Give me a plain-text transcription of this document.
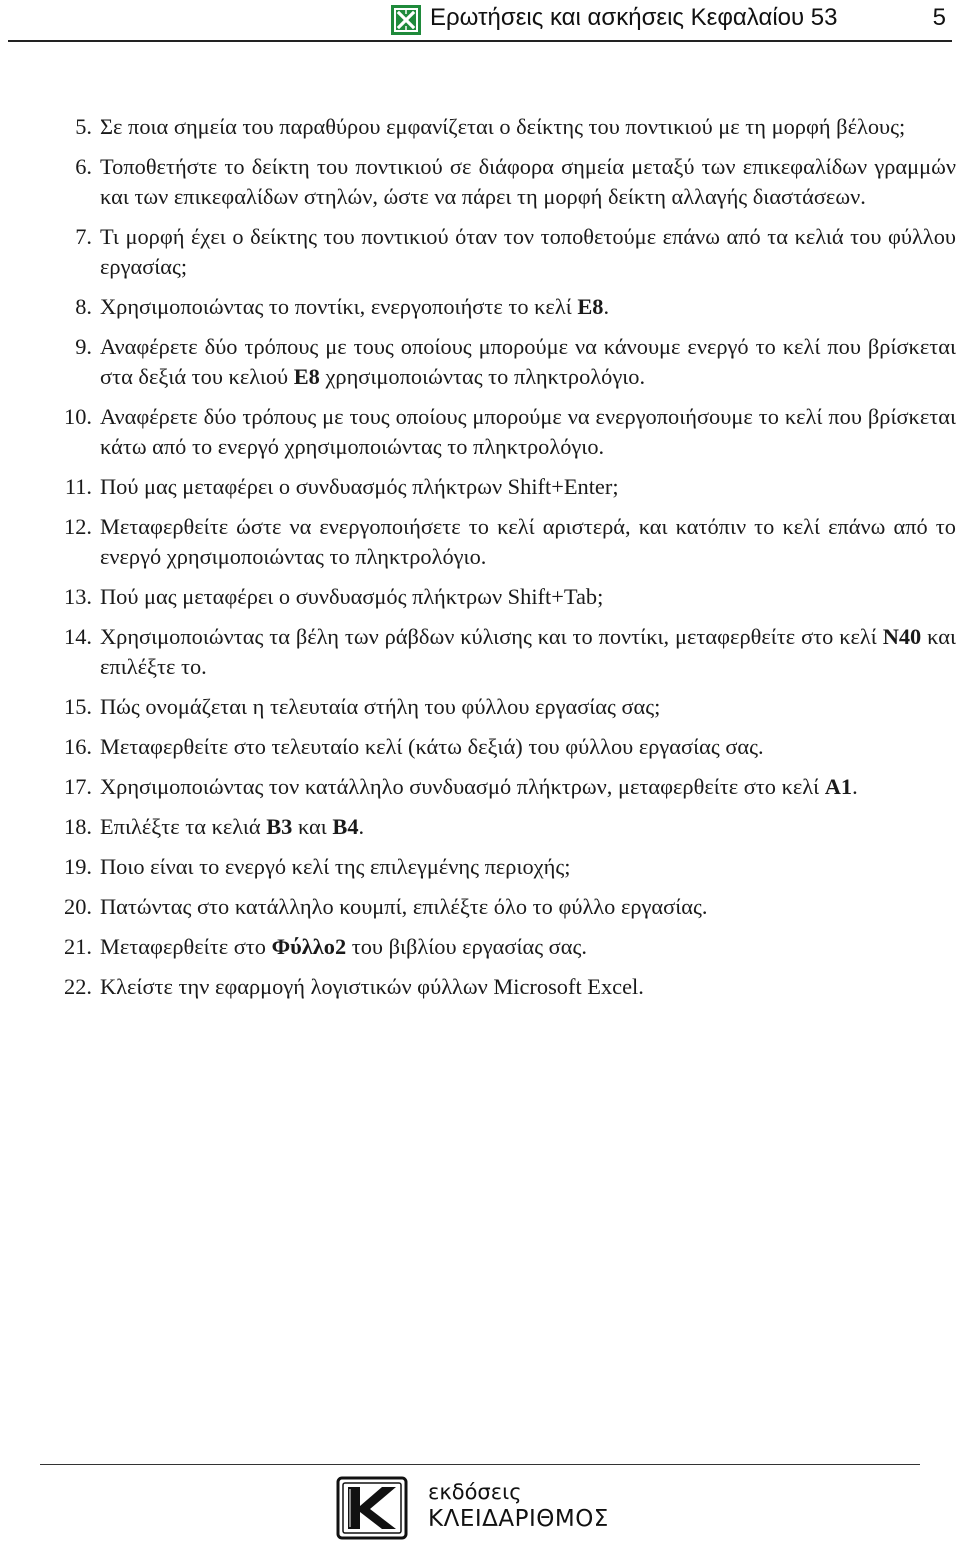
Ερωτήσεις και ασκήσεις Κεφαλαίου 53	5
5. Σε ποια σημεία του παραθύρου εμφανίζεται ο δείκτης του ποντικιού με τη μορφή βέλους;
6. Τοποθετήστε το δείκτη του ποντικιού σε διάφορα σημεία μεταξύ των επικεφαλίδων γραμμών και των επικεφαλίδων στηλών, ώστε να πάρει τη μορφή δείκτη αλλαγής διαστάσεων.
7. Τι μορφή έχει ο δείκτης του ποντικιού όταν τον τοποθετούμε επάνω από τα κελιά του φύλλου εργασίας;
8. Χρησιμοποιώντας το ποντίκι, ενεργοποιήστε το κελί E8.
9. Αναφέρετε δύο τρόπους με τους οποίους μπορούμε να κάνουμε ενεργό το κελί που βρίσκεται στα δεξιά του κελιού E8 χρησιμοποιώντας το πληκτρολόγιο.
10. Αναφέρετε δύο τρόπους με τους οποίους μπορούμε να ενεργοποιήσουμε το κελί που βρίσκεται κάτω από το ενεργό χρησιμοποιώντας το πληκτρολόγιο.
11. Πού μας μεταφέρει ο συνδυασμός πλήκτρων Shift+Enter;
12. Μεταφερθείτε ώστε να ενεργοποιήσετε το κελί αριστερά, και κατόπιν το κελί επάνω από το ενεργό χρησιμοποιώντας το πληκτρολόγιο.
13. Πού μας μεταφέρει ο συνδυασμός πλήκτρων Shift+Tab;
14. Χρησιμοποιώντας τα βέλη των ράβδων κύλισης και το ποντίκι, μεταφερθείτε στο κελί N40 και επιλέξτε το.
15. Πώς ονομάζεται η τελευταία στήλη του φύλλου εργασίας σας;
16. Μεταφερθείτε στο τελευταίο κελί (κάτω δεξιά) του φύλλου εργασίας σας.
17. Χρησιμοποιώντας τον κατάλληλο συνδυασμό πλήκτρων, μεταφερθείτε στο κελί A1.
18. Επιλέξτε τα κελιά B3 και B4.
19. Ποιο είναι το ενεργό κελί της επιλεγμένης περιοχής;
20. Πατώντας στο κατάλληλο κουμπί, επιλέξτε όλο το φύλλο εργασίας.
21. Μεταφερθείτε στο Φύλλο2 του βιβλίου εργασίας σας.
22. Κλείστε την εφαρμογή λογιστικών φύλλων Microsoft Excel.
εκδόσεις
ΚΛΕΙΔΑΡΙΘΜΟΣ
